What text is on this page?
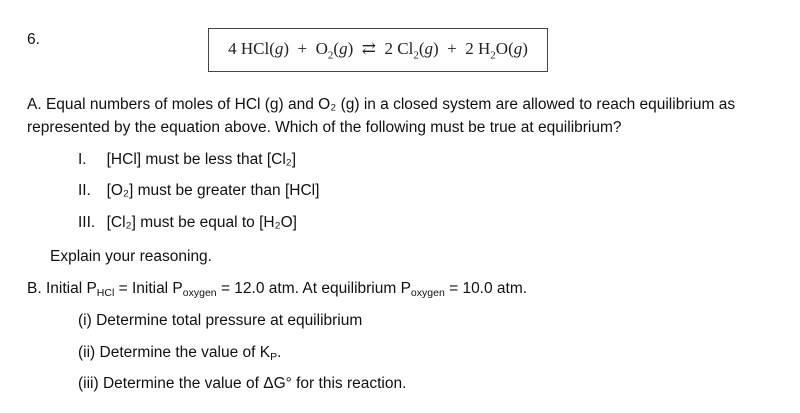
6.	4 $HCl(g) + O_2(g)$  ⇄ 2 $Cl_2(g) + 2$ $H_2O(g)$
A. Equal numbers of moles of HCl (g) and O₂ (g) in a closed system are allowed to reach equilibrium as
represented by the equation above. Which of the following must be true at equilibrium?
I. [HCl] must be less that [Cl₂]
II. [O₂] must be greater than [HCl]
III. [Cl₂] must be equal to [H₂O]
Explain your reasoning.
B. Initial PHCl = Initial Poxygen = 12.0 atm. At equilibrium Poxygen = 10.0 atm.
(i) Determine total pressure at equilibrium
(ii) Determine the value of KP.
(iii) Determine the value of ΔG° for this reaction.
